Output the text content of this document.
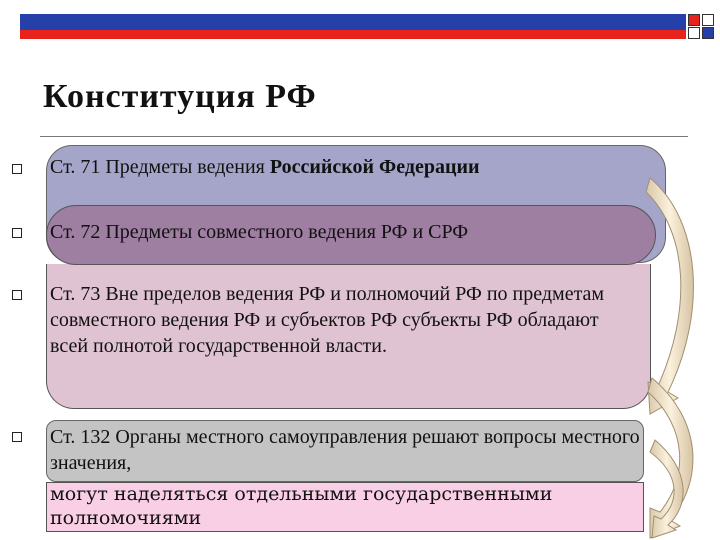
Конституция РФ
Ст. 71 Предметы ведения Российской Федерации
Ст. 72 Предметы совместного ведения РФ и СРФ
Ст. 73 Вне пределов ведения РФ и полномочий РФ по предметам совместного ведения РФ и субъектов РФ субъекты РФ обладают всей полнотой государственной власти.
Ст. 132 Органы местного самоуправления решают вопросы местного значения,
могут наделяться отдельными государственными полномочиями
